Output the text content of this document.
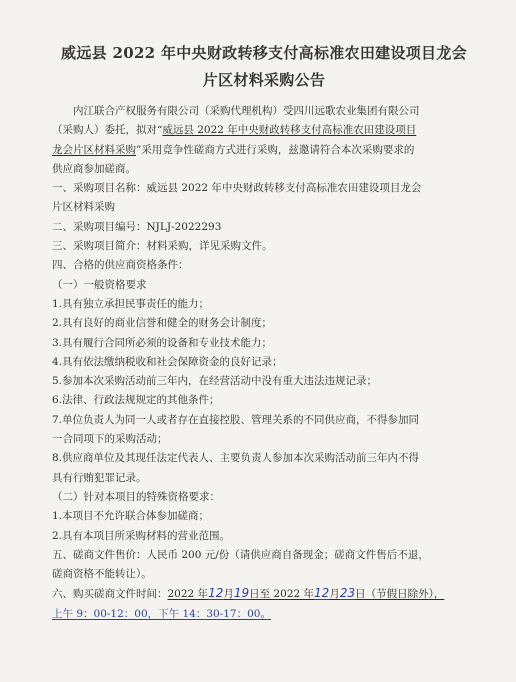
威远县 2022 年中央财政转移支付高标准农田建设项目龙会
片区材料采购公告

内江联合产权服务有限公司（采购代理机构）受四川远歌农业集团有限公司

（采购人）委托，拟对“威远县 2022 年中央财政转移支付高标准农田建设项目

龙会片区材料采购”采用竞争性磋商方式进行采购，兹邀请符合本次采购要求的

供应商参加磋商。

一、采购项目名称：威远县 2022 年中央财政转移支付高标准农田建设项目龙会

片区材料采购

二、采购项目编号：NJLJ-2022293

三、采购项目简介：材料采购，详见采购文件。

四、合格的供应商资格条件：

（一）一般资格要求

1.具有独立承担民事责任的能力；

2.具有良好的商业信誉和健全的财务会计制度；

3.具有履行合同所必须的设备和专业技术能力；

4.具有依法缴纳税收和社会保障资金的良好记录；

5.参加本次采购活动前三年内，在经营活动中没有重大违法违规记录；

6.法律、行政法规规定的其他条件；

7.单位负责人为同一人或者存在直接控股、管理关系的不同供应商，不得参加同

一合同项下的采购活动；

8.供应商单位及其现任法定代表人、主要负责人参加本次采购活动前三年内不得

具有行贿犯罪记录。

（二）针对本项目的特殊资格要求：

1.本项目不允许联合体参加磋商；

2.具有本项目所采购材料的营业范围。

五、磋商文件售价：人民币 200 元/份（请供应商自备现金；磋商文件售后不退，

磋商资格不能转让）。

六、购买磋商文件时间：2022 年12月19日至 2022 年12月23日（节假日除外），

上午 9：00-12：00，下午 14：30-17：00。
